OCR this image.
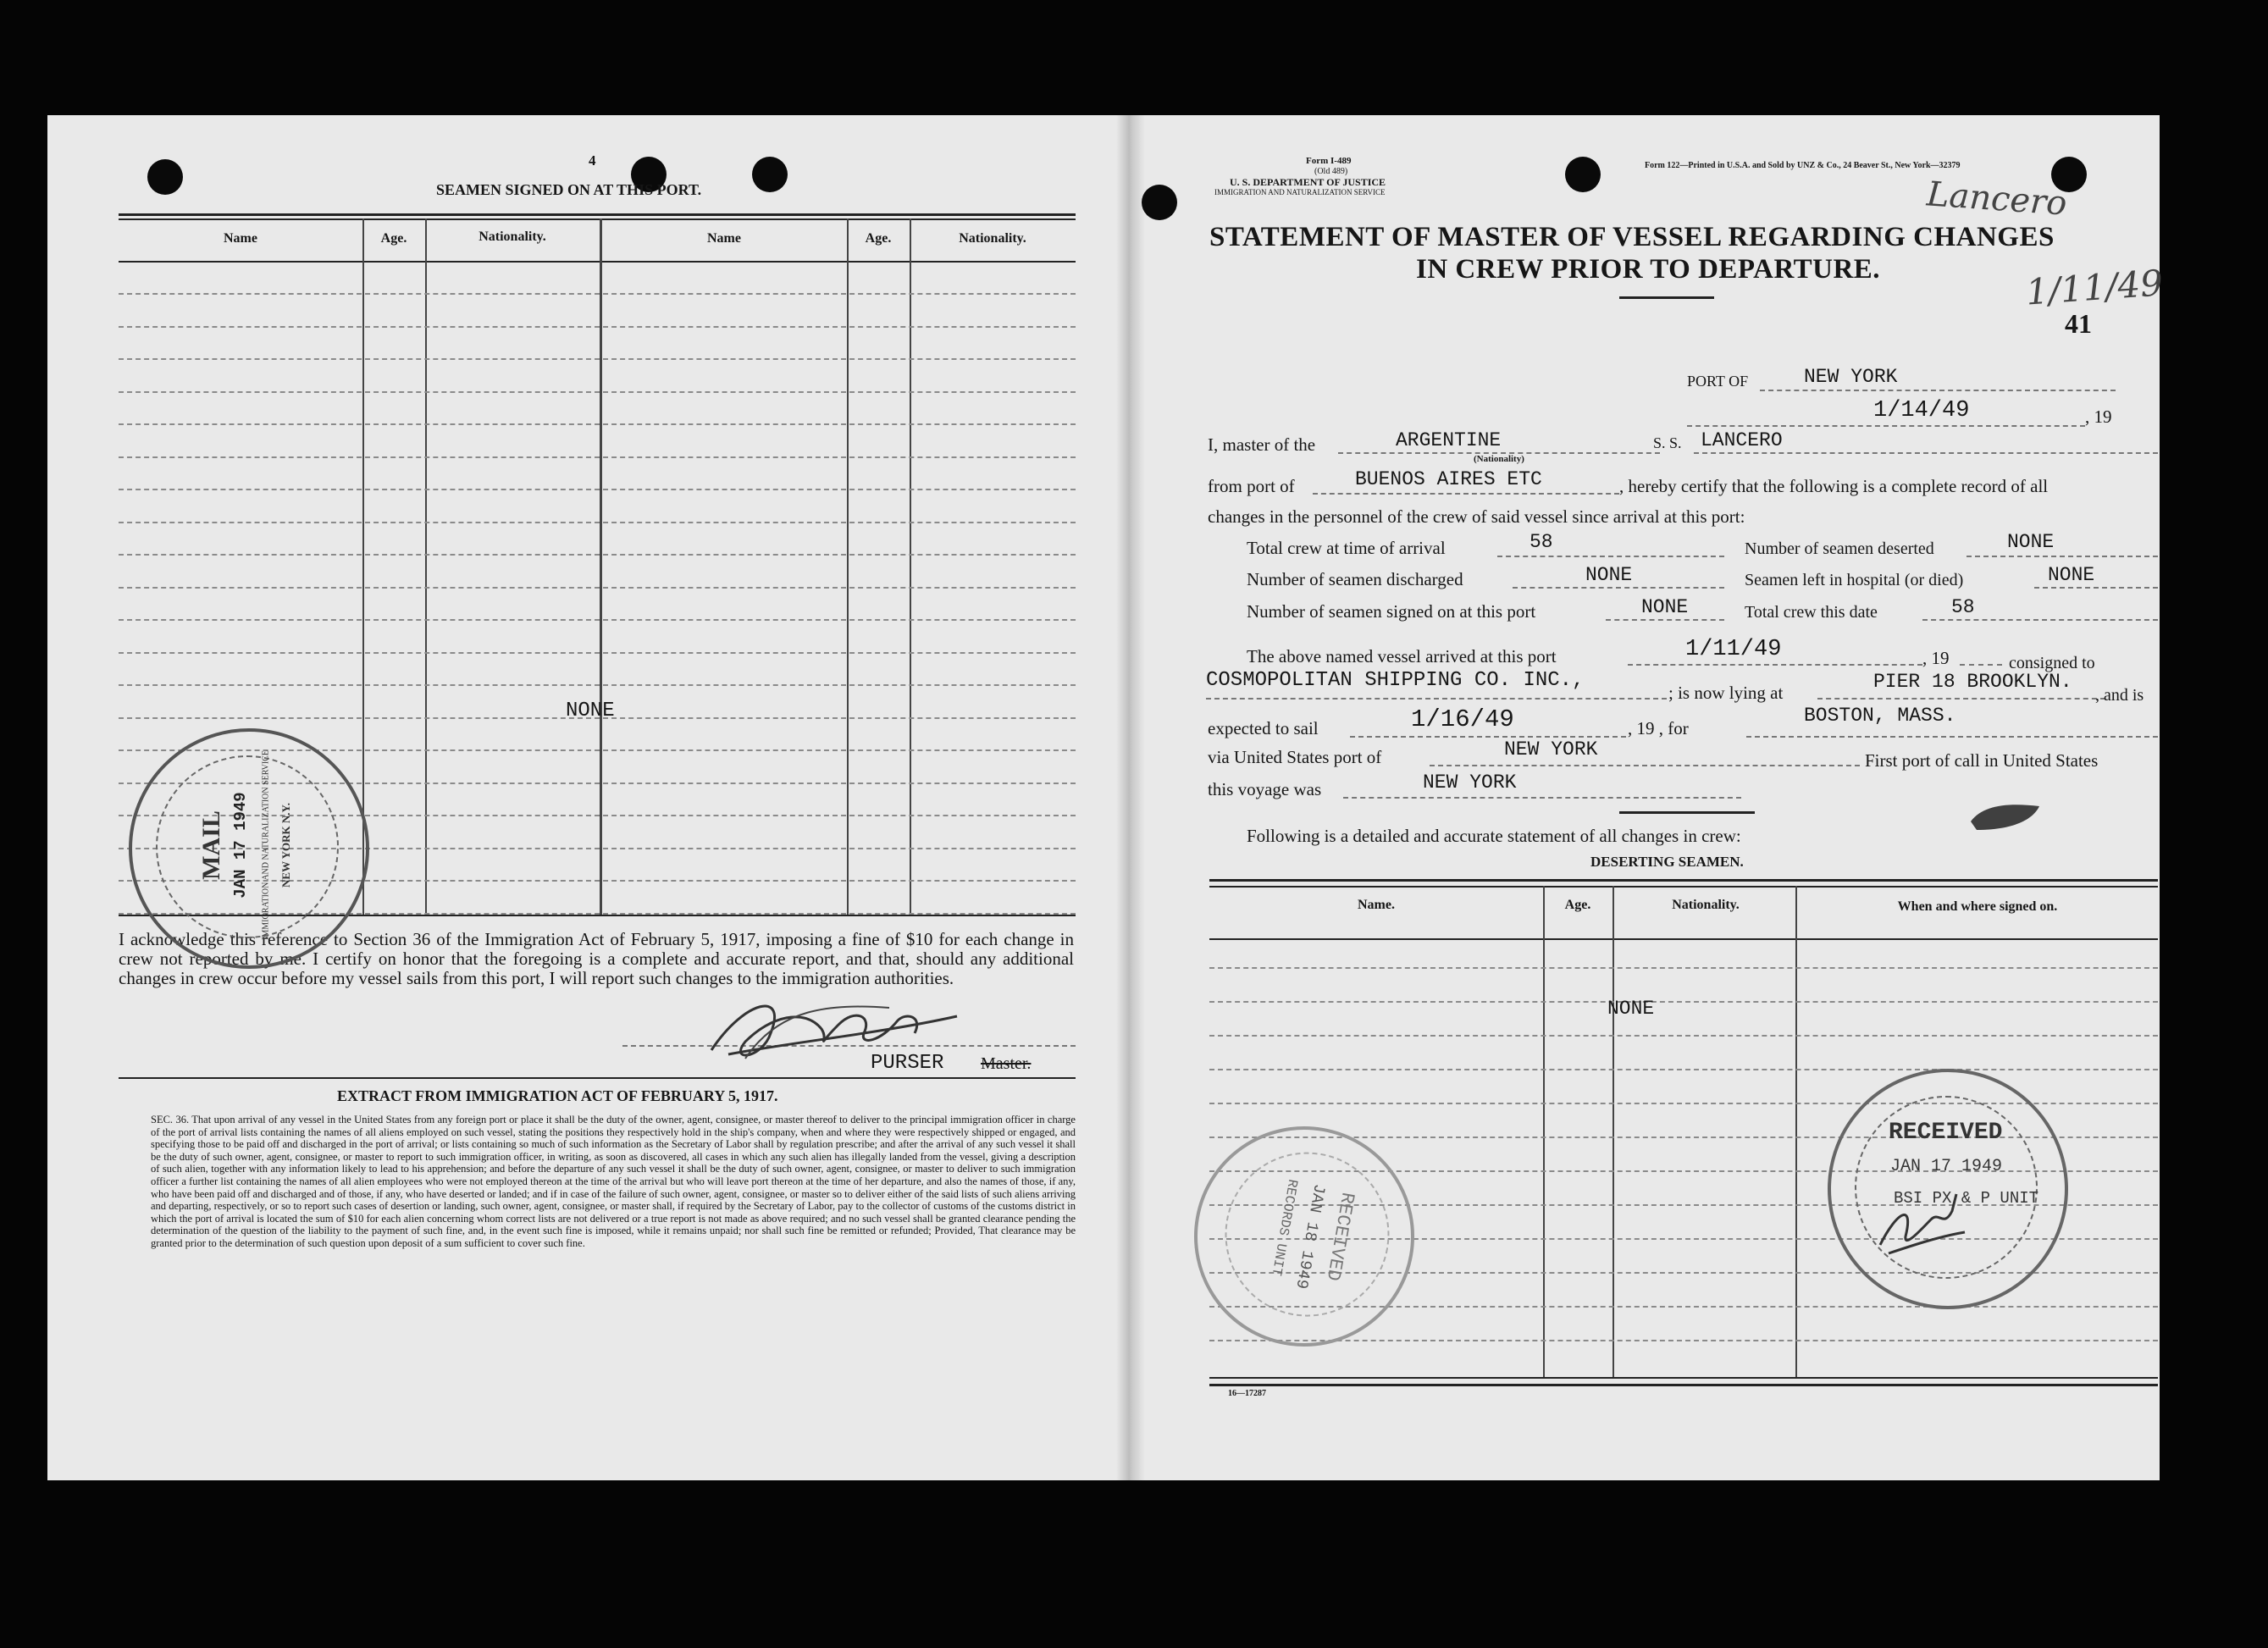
4
SEAMEN SIGNED ON AT THIS PORT.
Name	Age.	Nationality.	Name	Age.	Nationality.
NONE
I acknowledge this reference to Section 36 of the Immigration Act of February 5, 1917, imposing a fine of $10 for each change in crew not reported by me. I certify on honor that the foregoing is a complete and accurate report, and that, should any additional changes in crew occur before my vessel sails from this port, I will report such changes to the immigration authorities.
PURSER Master.
EXTRACT FROM IMMIGRATION ACT OF FEBRUARY 5, 1917.
SEC. 36. That upon arrival of any vessel in the United States from any foreign port or place it shall be the duty of the owner, agent, consignee, or master thereof to deliver to the principal immigration officer in charge of the port of arrival lists containing the names of all aliens employed on such vessel, stating the positions they respectively hold in the ship's company, when and where they were respectively shipped or engaged, and specifying those to be paid off and discharged in the port of arrival; or lists containing so much of such information as the Secretary of Labor shall by regulation prescribe; and after the arrival of any such vessel it shall be the duty of such owner, agent, consignee, or master to report to such immigration officer, in writing, as soon as discovered, all cases in which any such alien has illegally landed from the vessel, giving a description of such alien, together with any information likely to lead to his apprehension; and before the departure of any such vessel it shall be the duty of such owner, agent, consignee, or master to deliver to such immigration officer a further list containing the names of all alien employees who were not employed thereon at the time of the arrival but who will leave port thereon at the time of her departure, and also the names of those, if any, who have been paid off and discharged and of those, if any, who have deserted or landed; and if in case of the failure of such owner, agent, consignee, or master so to deliver either of the said lists of such aliens arriving and departing, respectively, or so to report such cases of desertion or landing, such owner, agent, consignee, or master shall, if required by the Secretary of Labor, pay to the collector of customs of the customs district in which the port of arrival is located the sum of $10 for each alien concerning whom correct lists are not delivered or a true report is not made as above required; and no such vessel shall be granted clearance pending the determination of the question of the liability to the payment of such fine, and, in the event such fine is imposed, while it remains unpaid; nor shall such fine be remitted or refunded; Provided, That clearance may be granted prior to the determination of such question upon deposit of a sum sufficient to cover such fine.
MAIL JAN 17 1949 IMMIGRATION AND NATURALIZATION SERVICE NEW YORK N.Y.
Form I-489
(Old 489)
U. S. DEPARTMENT OF JUSTICE
IMMIGRATION AND NATURALIZATION SERVICE
Form 122—Printed in U.S.A. and Sold by UNZ & Co., 24 Beaver St., New York—32379
Lancero
1/11/49
STATEMENT OF MASTER OF VESSEL REGARDING CHANGES
IN CREW PRIOR TO DEPARTURE.
41
PORT OF	NEW YORK
1/14/49	, 19
I, master of the	ARGENTINE
(Nationality)
S. S. LANCERO
from port of	BUENOS AIRES ETC	, hereby certify that the following is a complete record of all
changes in the personnel of the crew of said vessel since arrival at this port:
Total crew at time of arrival	58	Number of seamen deserted	NONE
Number of seamen discharged	NONE	Seamen left in hospital (or died)	NONE
Number of seamen signed on at this port	NONE	Total crew this date	58
The above named vessel arrived at this port	1/11/49	, 19	consigned to
COSMOPOLITAN SHIPPING CO. INC.,
; is now lying at	PIER 18 BROOKLYN.
, and is
expected to sail	1/16/49	, 19 , for
BOSTON, MASS.
via United States port of	NEW YORK	First port of call in United States
this voyage was	NEW YORK
Following is a detailed and accurate statement of all changes in crew:
DESERTING SEAMEN.
Name.	Age.	Nationality.	When and where signed on.
NONE
16—17287
RECEIVED
JAN 17 1949
BSI PX & P UNIT
RECEIVED
JAN 18 1949
RECORDS UNIT
